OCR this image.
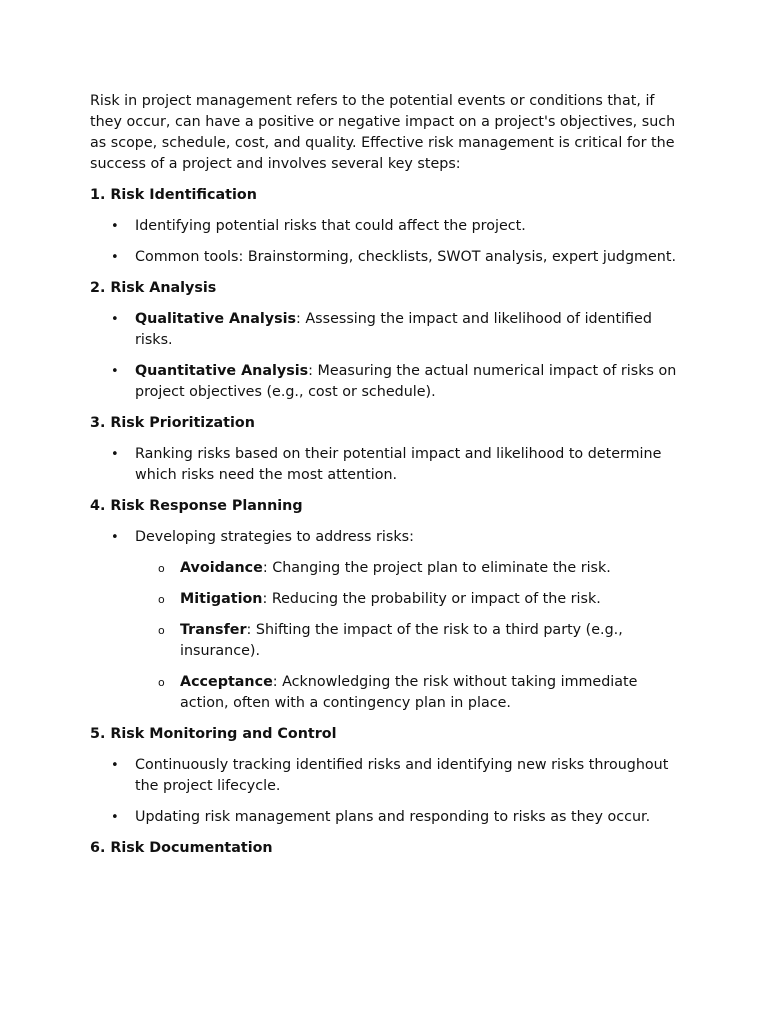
Risk in project management refers to the potential events or conditions that, if they occur, can have a positive or negative impact on a project's objectives, such as scope, schedule, cost, and quality. Effective risk management is critical for the success of a project and involves several key steps:

1. Risk Identification

• Identifying potential risks that could affect the project.
• Common tools: Brainstorming, checklists, SWOT analysis, expert judgment.

2. Risk Analysis

• Qualitative Analysis: Assessing the impact and likelihood of identified risks.
• Quantitative Analysis: Measuring the actual numerical impact of risks on project objectives (e.g., cost or schedule).

3. Risk Prioritization

• Ranking risks based on their potential impact and likelihood to determine which risks need the most attention.

4. Risk Response Planning

• Developing strategies to address risks:
o Avoidance: Changing the project plan to eliminate the risk.
o Mitigation: Reducing the probability or impact of the risk.
o Transfer: Shifting the impact of the risk to a third party (e.g., insurance).
o Acceptance: Acknowledging the risk without taking immediate action, often with a contingency plan in place.

5. Risk Monitoring and Control

• Continuously tracking identified risks and identifying new risks throughout the project lifecycle.
• Updating risk management plans and responding to risks as they occur.

6. Risk Documentation
